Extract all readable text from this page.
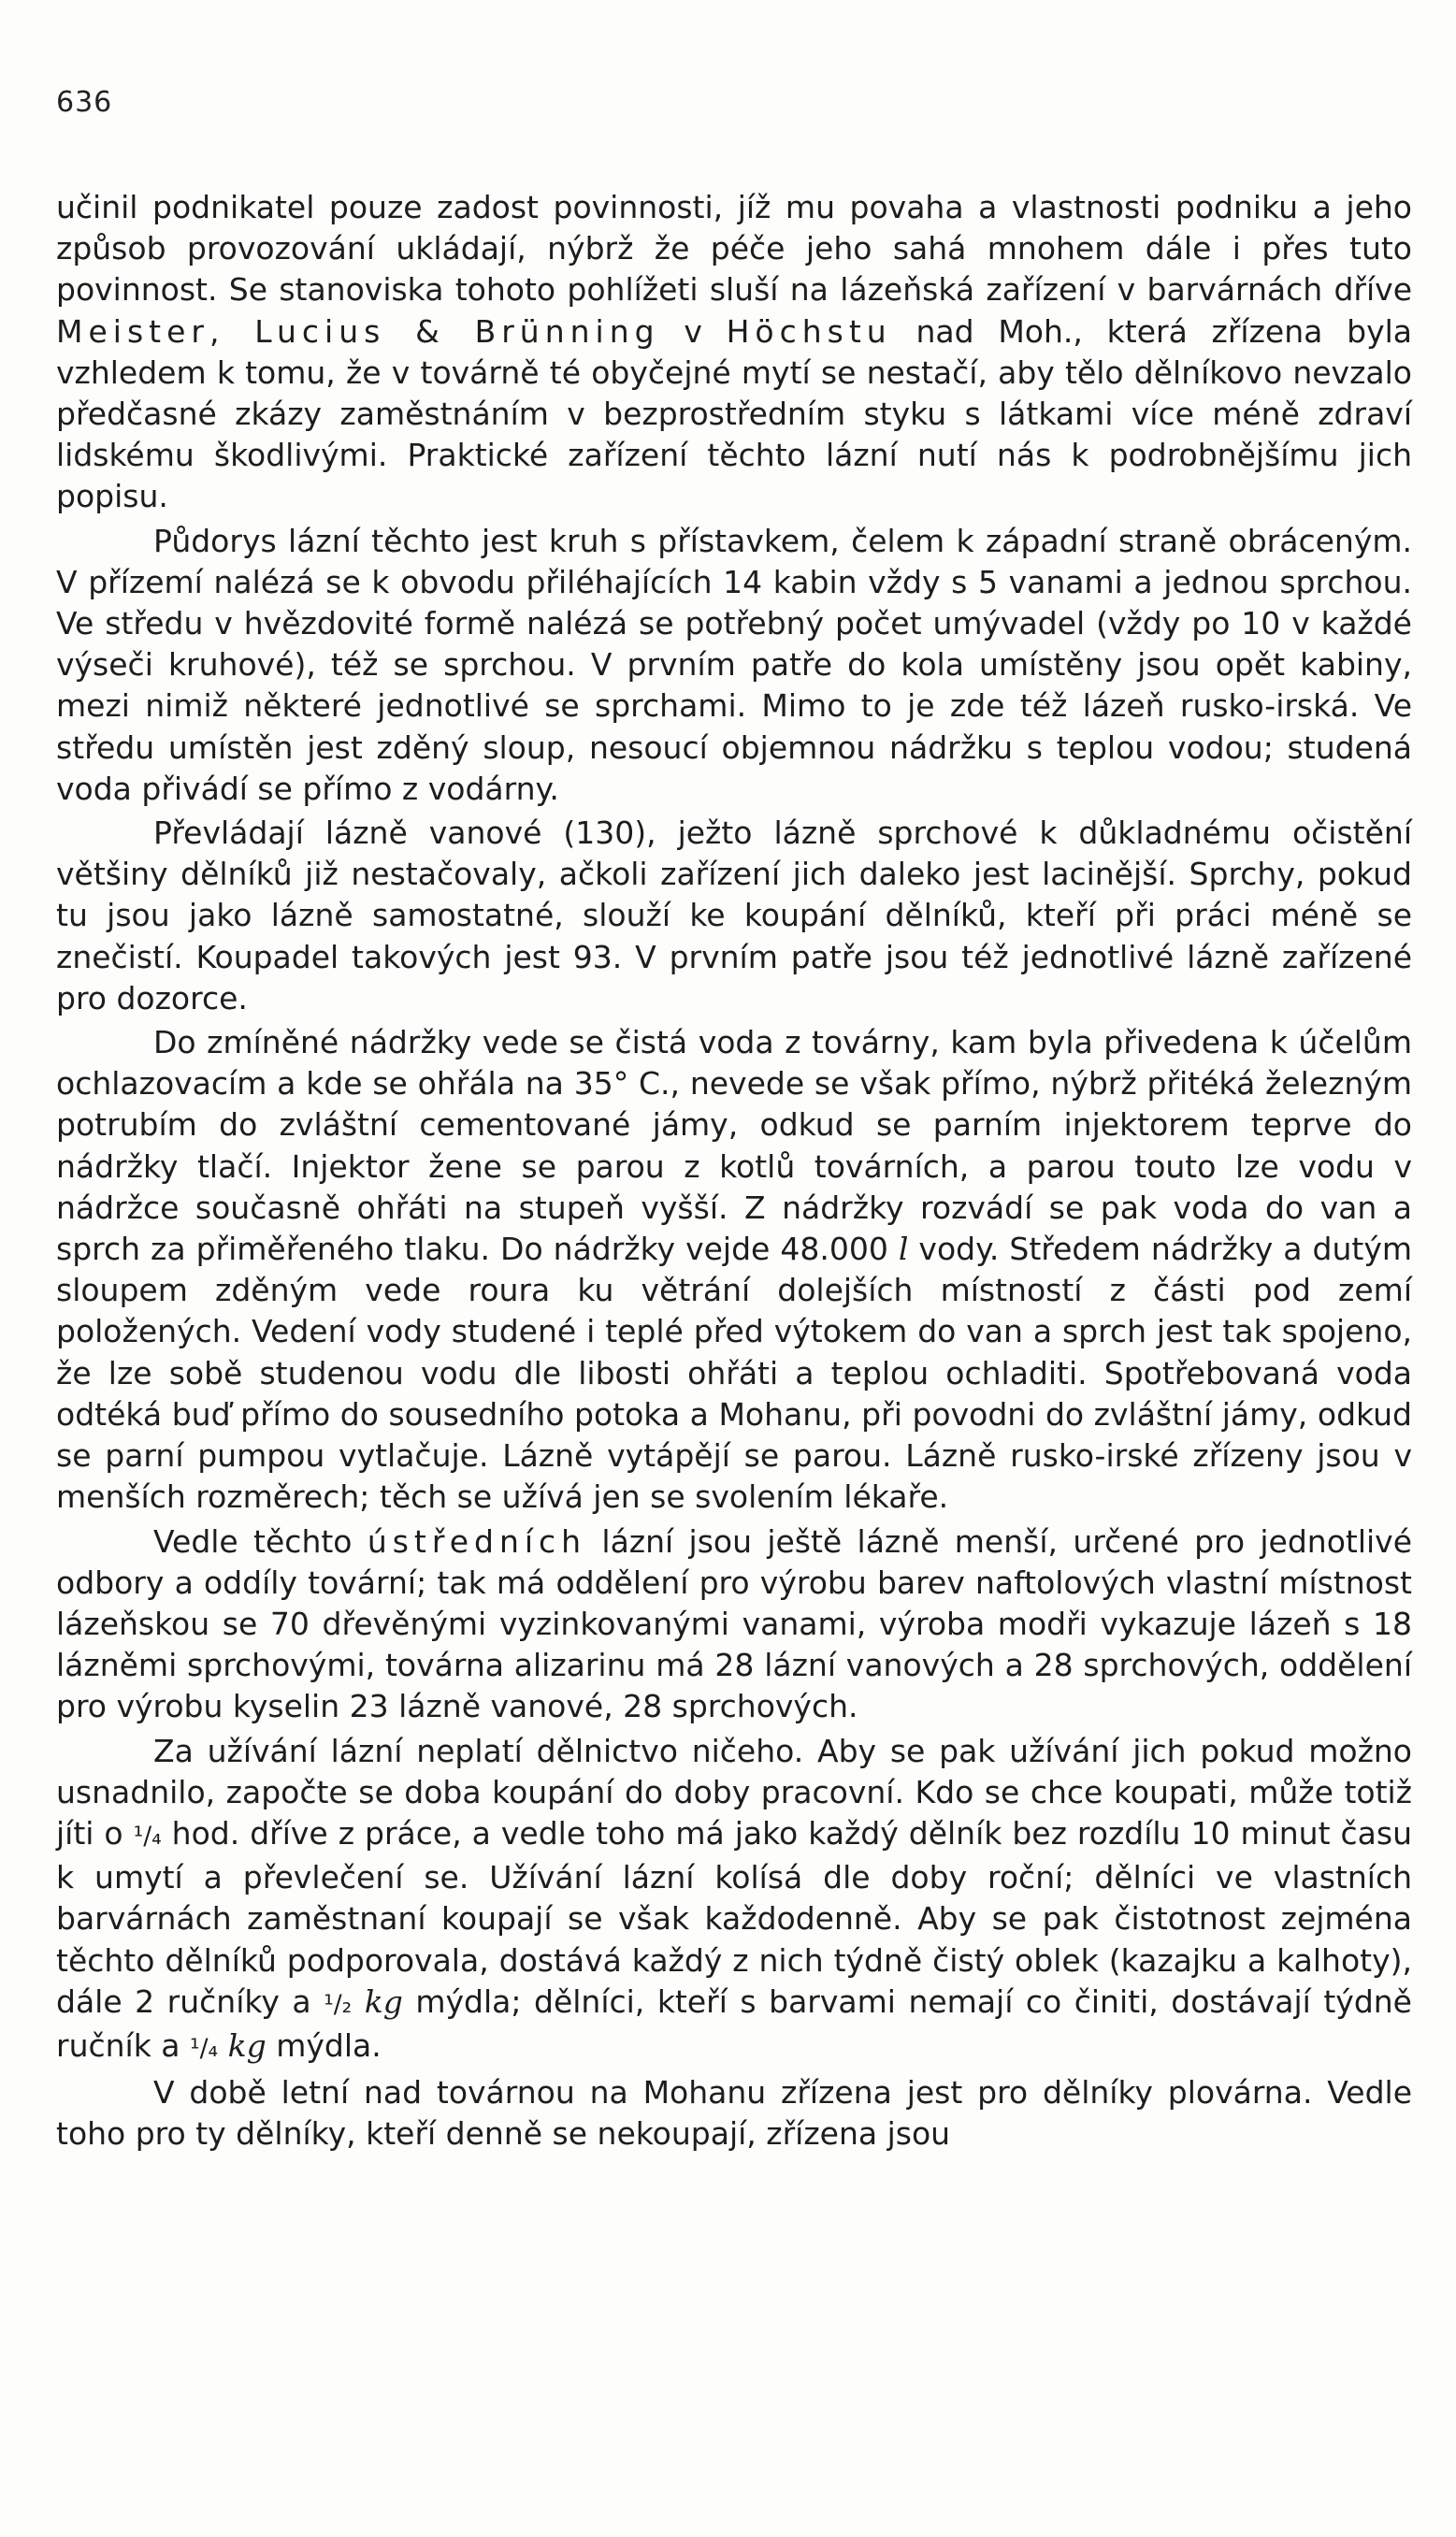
636

učinil podnikatel pouze zadost povinnosti, jíž mu povaha a vlastnosti podniku a jeho způsob provozování ukládají, nýbrž že péče jeho sahá mnohem dále i přes tuto povinnost. Se stanoviska tohoto pohlížeti sluší na lázeňská zařízení v barvárnách dříve Meister, Lucius & Brünning v Höchstu nad Moh., která zřízena byla vzhledem k tomu, že v továrně té obyčejné mytí se nestačí, aby tělo dělníkovo nevzalo předčasné zkázy zaměstnáním v bezprostředním styku s látkami více méně zdraví lidskému škodlivými. Praktické zařízení těchto lázní nutí nás k podrobnějšímu jich popisu.

Půdorys lázní těchto jest kruh s přístavkem, čelem k západní straně obráceným. V přízemí nalézá se k obvodu přiléhajících 14 kabin vždy s 5 vanami a jednou sprchou. Ve středu v hvězdovité formě nalézá se potřebný počet umývadel (vždy po 10 v každé výseči kruhové), též se sprchou. V prvním patře do kola umístěny jsou opět kabiny, mezi nimiž některé jednotlivé se sprchami. Mimo to je zde též lázeň rusko-irská. Ve středu umístěn jest zděný sloup, nesoucí objemnou nádržku s teplou vodou; studená voda přivádí se přímo z vodárny.

Převládají lázně vanové (130), ježto lázně sprchové k důkladnému očistění většiny dělníků již nestačovaly, ačkoli zařízení jich daleko jest lacinější. Sprchy, pokud tu jsou jako lázně samostatné, slouží ke koupání dělníků, kteří při práci méně se znečistí. Koupadel takových jest 93. V prvním patře jsou též jednotlivé lázně zařízené pro dozorce.

Do zmíněné nádržky vede se čistá voda z továrny, kam byla přivedena k účelům ochlazovacím a kde se ohřála na 35° C., nevede se však přímo, nýbrž přitéká železným potrubím do zvláštní cementované jámy, odkud se parním injektorem teprve do nádržky tlačí. Injektor žene se parou z kotlů továrních, a parou touto lze vodu v nádržce současně ohřáti na stupeň vyšší. Z nádržky rozvádí se pak voda do van a sprch za přiměřeného tlaku. Do nádržky vejde 48.000 l vody. Středem nádržky a dutým sloupem zděným vede roura ku větrání dolejších místností z části pod zemí položených. Vedení vody studené i teplé před výtokem do van a sprch jest tak spojeno, že lze sobě studenou vodu dle libosti ohřáti a teplou ochladiti. Spotřebovaná voda odtéká buď přímo do sousedního potoka a Mohanu, při povodni do zvláštní jámy, odkud se parní pumpou vytlačuje. Lázně vytápějí se parou. Lázně rusko-irské zřízeny jsou v menších rozměrech; těch se užívá jen se svolením lékaře.

Vedle těchto ústředních lázní jsou ještě lázně menší, určené pro jednotlivé odbory a oddíly tovární; tak má oddělení pro výrobu barev naftolových vlastní místnost lázeňskou se 70 dřevěnými vyzinkovanými vanami, výroba modři vykazuje lázeň s 18 lázněmi sprchovými, továrna alizarinu má 28 lázní vanových a 28 sprchových, oddělení pro výrobu kyselin 23 lázně vanové, 28 sprchových.

Za užívání lázní neplatí dělnictvo ničeho. Aby se pak užívání jich pokud možno usnadnilo, započte se doba koupání do doby pracovní. Kdo se chce koupati, může totiž jíti o ¹/₄ hod. dříve z práce, a vedle toho má jako každý dělník bez rozdílu 10 minut času k umytí a převlečení se. Užívání lázní kolísá dle doby roční; dělníci ve vlastních barvárnách zaměstnaní koupají se však každodenně. Aby se pak čistotnost zejména těchto dělníků podporovala, dostává každý z nich týdně čistý oblek (kazajku a kalhoty), dále 2 ručníky a ¹/₂ kg mýdla; dělníci, kteří s barvami nemají co činiti, dostávají týdně ručník a ¹/₄ kg mýdla.

V době letní nad továrnou na Mohanu zřízena jest pro dělníky plovárna. Vedle toho pro ty dělníky, kteří denně se nekoupají, zřízena jsou
